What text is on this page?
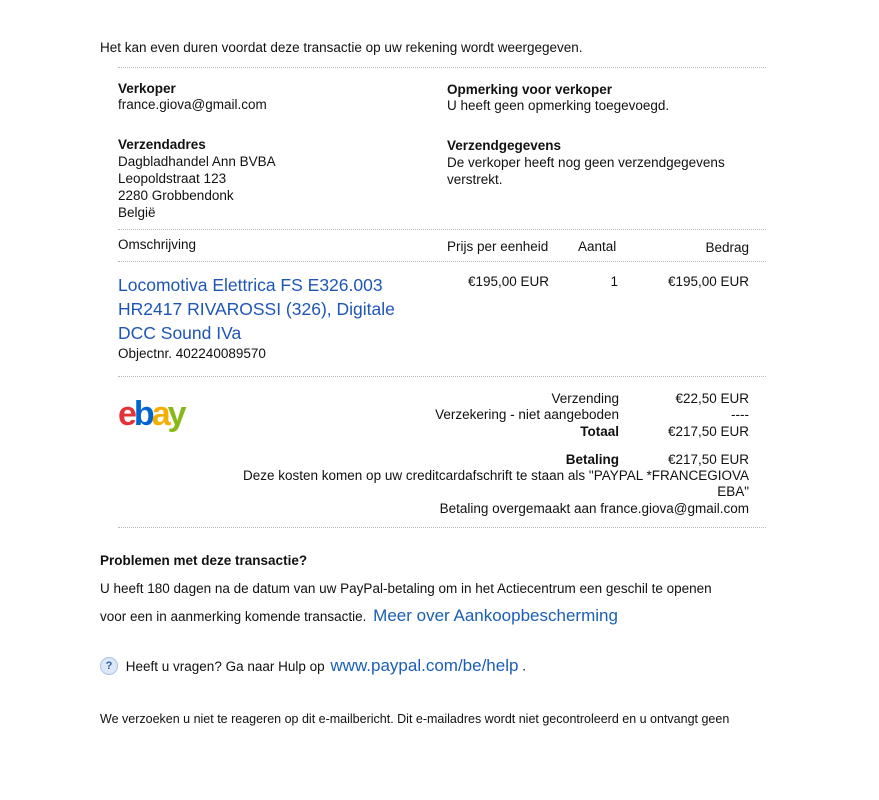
Het kan even duren voordat deze transactie op uw rekening wordt weergegeven.
Verkoper
france.giova@gmail.com
Opmerking voor verkoper
U heeft geen opmerking toegevoegd.
Verzendadres
Dagbladhandel Ann BVBA
Leopoldstraat 123
2280 Grobbendonk
België
Verzendgegevens
De verkoper heeft nog geen verzendgegevens
verstrekt.
Omschrijving	Prijs per eenheid Aantal	Bedrag
Locomotiva Elettrica FS E326.003
HR2417 RIVAROSSI (326), Digitale
DCC Sound IVa
Objectnr. 402240089570
€195,00 EUR	1	€195,00 EUR
ebay	Verzending	€22,50 EUR
Verzekering - niet aangeboden	----
Totaal	€217,50 EUR
Betaling	€217,50 EUR
Deze kosten komen op uw creditcardafschrift te staan als "PAYPAL *FRANCEGIOVA
EBA"
Betaling overgemaakt aan france.giova@gmail.com
Problemen met deze transactie?
U heeft 180 dagen na de datum van uw PayPal-betaling om in het Actiecentrum een geschil te openen
voor een in aanmerking komende transactie. Meer over Aankoopbescherming
? Heeft u vragen? Ga naar Hulp op www.paypal.com/be/help .
We verzoeken u niet te reageren op dit e-mailbericht. Dit e-mailadres wordt niet gecontroleerd en u ontvangt geen
